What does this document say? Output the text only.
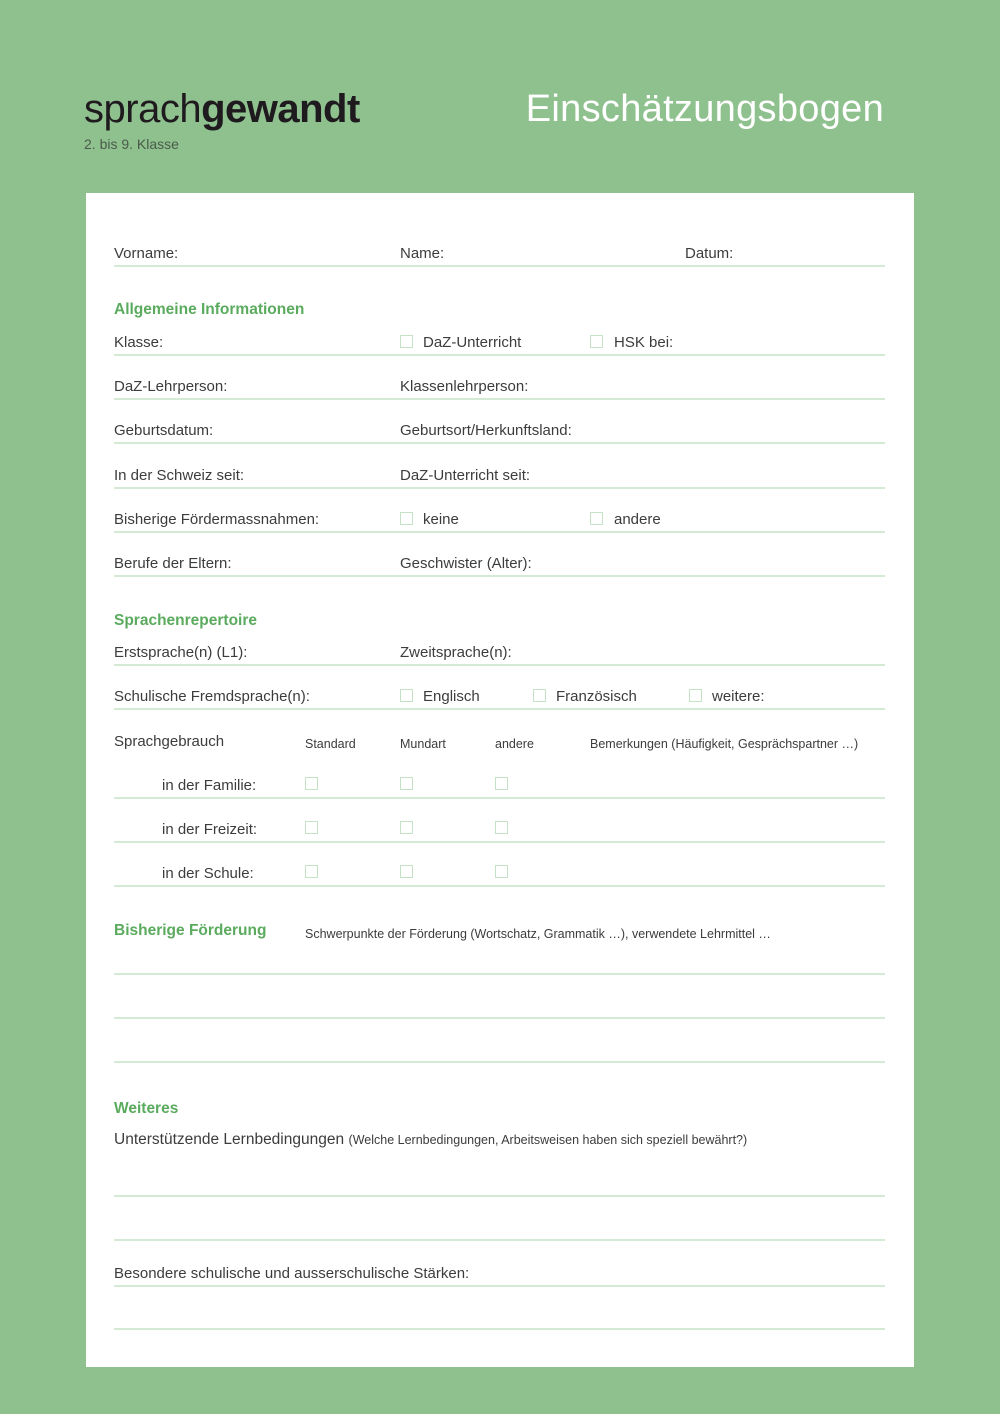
sprachgewandt
2. bis 9. Klasse
Einschätzungsbogen
Vorname:	Name:	Datum:
Allgemeine Informationen
Klasse:	DaZ-Unterricht	HSK bei:
DaZ-Lehrperson:	Klassenlehrperson:
Geburtsdatum:	Geburtsort/Herkunftsland:
In der Schweiz seit:	DaZ-Unterricht seit:
Bisherige Fördermassnahmen:	keine	andere
Berufe der Eltern:	Geschwister (Alter):
Sprachenrepertoire
Erstsprache(n) (L1):	Zweitsprache(n):
Schulische Fremdsprache(n):	Englisch	Französisch	weitere:
Sprachgebrauch	Standard	Mundart	andere	Bemerkungen (Häufigkeit, Gesprächspartner …)
in der Familie:
in der Freizeit:
in der Schule:
Bisherige Förderung	Schwerpunkte der Förderung (Wortschatz, Grammatik …), verwendete Lehrmittel …
Weiteres
Unterstützende Lernbedingungen (Welche Lernbedingungen, Arbeitsweisen haben sich speziell bewährt?)
Besondere schulische und ausserschulische Stärken:
